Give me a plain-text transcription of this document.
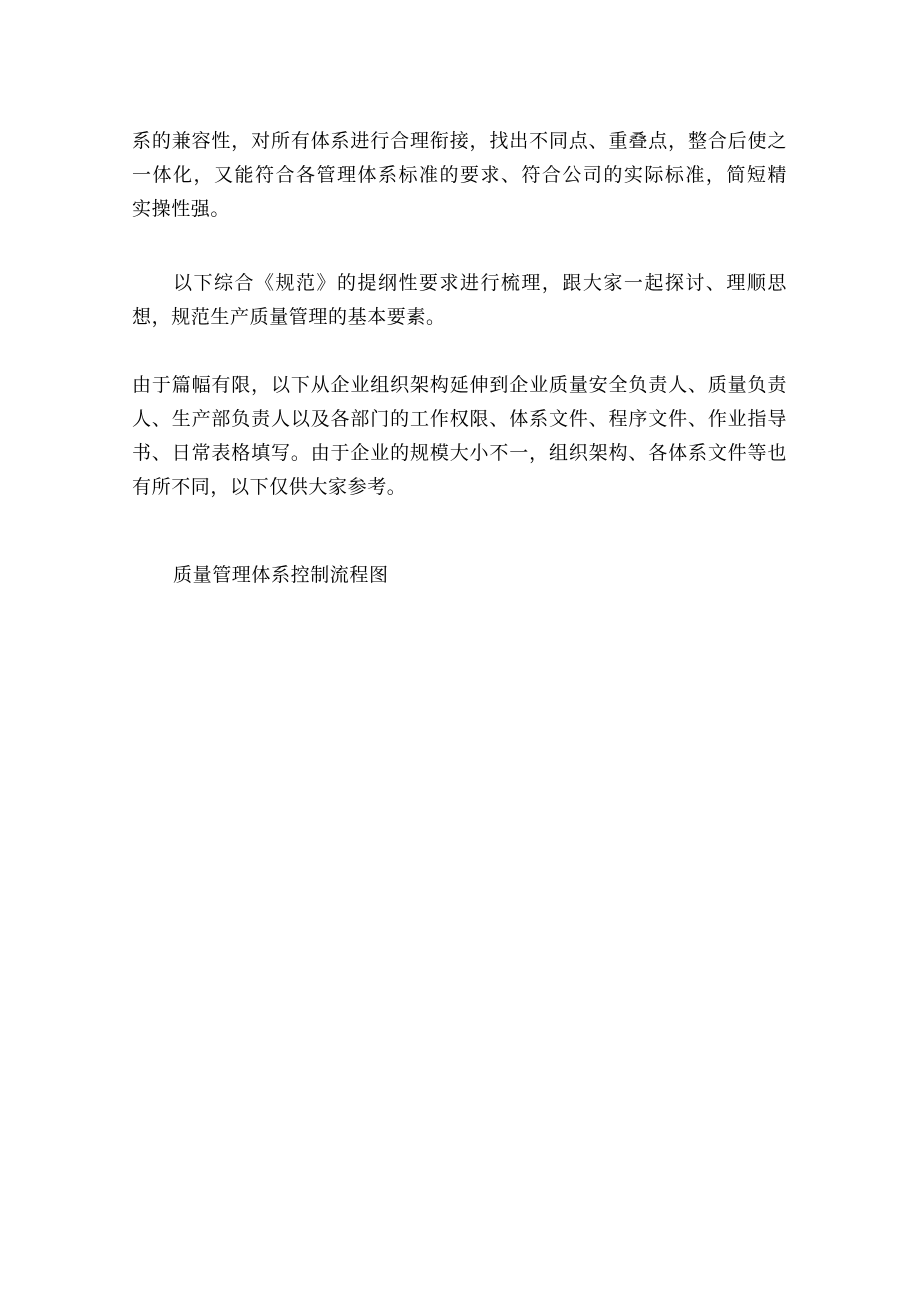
系的兼容性，对所有体系进行合理衔接，找出不同点、重叠点，整合后使之
一体化，又能符合各管理体系标准的要求、符合公司的实际标准，简短精
实操性强。
以下综合《规范》的提纲性要求进行梳理，跟大家一起探讨、理顺思
想，规范生产质量管理的基本要素。
由于篇幅有限，以下从企业组织架构延伸到企业质量安全负责人、质量负责
人、生产部负责人以及各部门的工作权限、体系文件、程序文件、作业指导
书、日常表格填写。由于企业的规模大小不一，组织架构、各体系文件等也
有所不同，以下仅供大家参考。
质量管理体系控制流程图
